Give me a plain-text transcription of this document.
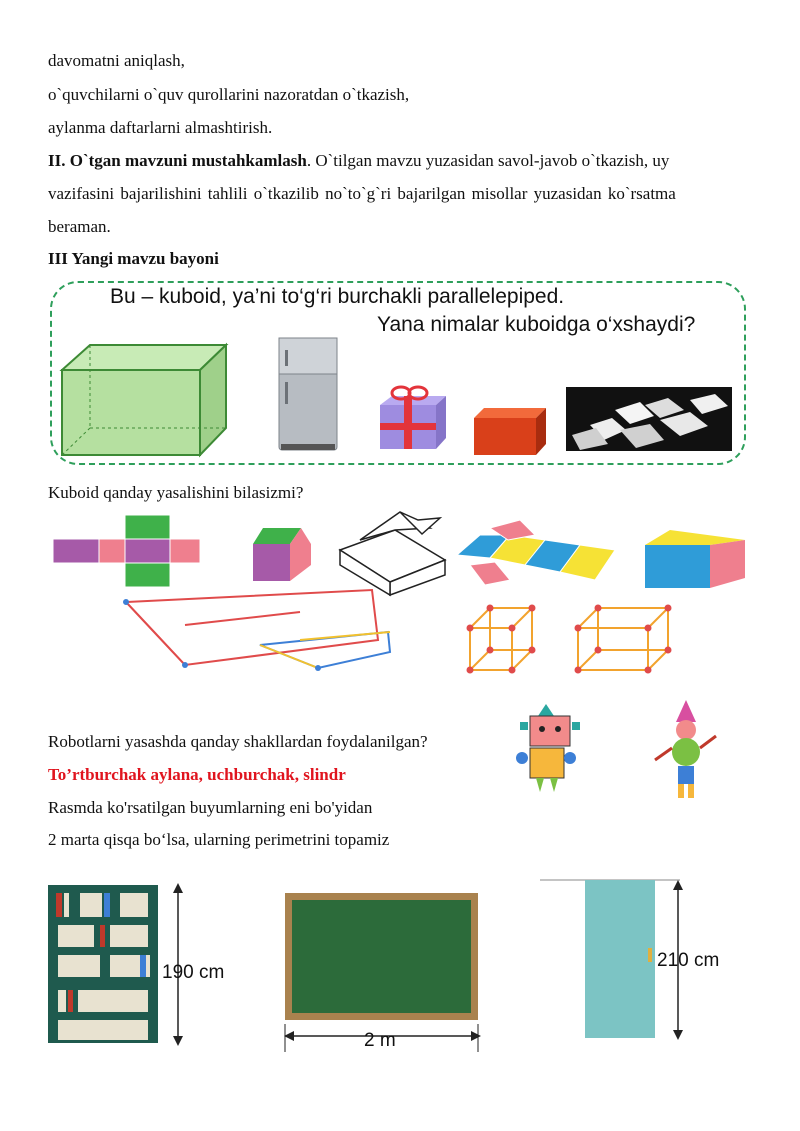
davomatni aniqlash,
o`quvchilarni o`quv qurollarini nazoratdan o`tkazish,
aylanma daftarlarni almashtirish.
II. O`tgan mavzuni mustahkamlash. O`tilgan mavzu yuzasidan savol-javob o`tkazish, uy
vazifasini bajarilishini tahlili o`tkazilib no`to`g`ri bajarilgan misollar yuzasidan ko`rsatma
beraman.
III Yangi mavzu bayoni
Bu – kuboid, ya’ni to‘g‘ri burchakli parallelepiped.
Yana nimalar kuboidga o‘xshaydi?
Kuboid qanday yasalishini bilasizmi?
Robotlarni yasashda qanday shakllardan foydalanilgan?
To’rtburchak aylana, uchburchak, slindr
Rasmda ko'rsatilgan buyumlarning eni bo'yidan
2 marta qisqa bo‘lsa, ularning perimetrini topamiz
190 cm
2 m
210 cm
